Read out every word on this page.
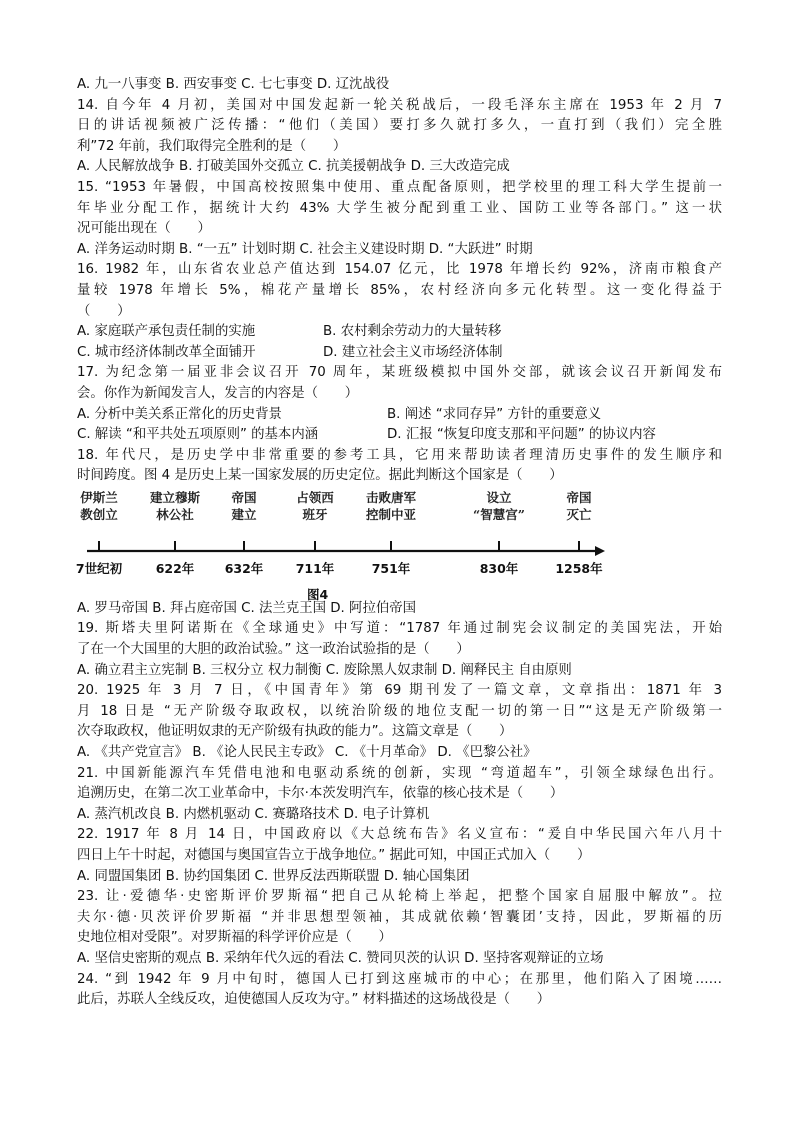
A. 九一八事变 B. 西安事变 C. 七七事变 D. 辽沈战役
14. 自今年 4 月初，美国对中国发起新一轮关税战后，一段毛泽东主席在 1953 年 2 月 7
日的讲话视频被广泛传播：“他们（美国）要打多久就打多久，一直打到（我们）完全胜
利”72 年前，我们取得完全胜利的是（　　）
A. 人民解放战争 B. 打破美国外交孤立 C. 抗美援朝战争 D. 三大改造完成
15. “1953 年暑假，中国高校按照集中使用、重点配备原则，把学校里的理工科大学生提前一
年毕业分配工作，据统计大约 43% 大学生被分配到重工业、国防工业等各部门。” 这一状
况可能出现在（　　）
A. 洋务运动时期 B. “一五” 计划时期 C. 社会主义建设时期 D. “大跃进” 时期
16. 1982 年，山东省农业总产值达到 154.07 亿元，比 1978 年增长约 92%，济南市粮食产
量较 1978 年增长 5%，棉花产量增长 85%，农村经济向多元化转型。这一变化得益于
（　　）
A. 家庭联产承包责任制的实施	B. 农村剩余劳动力的大量转移
C. 城市经济体制改革全面铺开	D. 建立社会主义市场经济体制
17. 为纪念第一届亚非会议召开 70 周年，某班级模拟中国外交部，就该会议召开新闻发布
会。你作为新闻发言人，发言的内容是（　　）
A. 分析中美关系正常化的历史背景	B. 阐述 “求同存异” 方针的重要意义
C. 解读 “和平共处五项原则” 的基本内涵	D. 汇报 “恢复印度支那和平问题” 的协议内容
18. 年代尺，是历史学中非常重要的参考工具，它用来帮助读者理清历史事件的发生顺序和
时间跨度。图 4 是历史上某一国家发展的历史定位。据此判断这个国家是（　　）
伊斯兰
教创立
7世纪初
建立穆斯
林公社
622年
帝国
建立
632年
占领西
班牙
711年
击败唐军
控制中亚
751年
设立
“智慧宫”
830年
帝国
灭亡
1258年
图4
A. 罗马帝国 B. 拜占庭帝国 C. 法兰克王国 D. 阿拉伯帝国
19. 斯塔夫里阿诺斯在《全球通史》中写道：“1787 年通过制宪会议制定的美国宪法，开始
了在一个大国里的大胆的政治试验。” 这一政治试验指的是（　　）
A. 确立君主立宪制 B. 三权分立 权力制衡 C. 废除黑人奴隶制 D. 阐释民主 自由原则
20. 1925 年 3 月 7 日，《中国青年》第 69 期刊发了一篇文章，文章指出：1871 年 3
月 18 日是 “无产阶级夺取政权，以统治阶级的地位支配一切的第一日”“这是无产阶级第一
次夺取政权，他证明奴隶的无产阶级有执政的能力”。这篇文章是（　　）
A. 《共产党宣言》 B. 《论人民民主专政》 C. 《十月革命》 D. 《巴黎公社》
21. 中国新能源汽车凭借电池和电驱动系统的创新，实现 “弯道超车”，引领全球绿色出行。
追溯历史，在第二次工业革命中，卡尔·本茨发明汽车，依靠的核心技术是（　　）
A. 蒸汽机改良 B. 内燃机驱动 C. 赛璐珞技术 D. 电子计算机
22. 1917 年 8 月 14 日，中国政府以《大总统布告》名义宣布：“爰自中华民国六年八月十
四日上午十时起，对德国与奥国宣告立于战争地位。” 据此可知，中国正式加入（　　）
A. 同盟国集团 B. 协约国集团 C. 世界反法西斯联盟 D. 轴心国集团
23. 让·爱德华·史密斯评价罗斯福“把自己从轮椅上举起，把整个国家自屈服中解放”。拉
夫尔·德·贝茨评价罗斯福 “并非思想型领袖，其成就依赖‘智囊团’支持，因此，罗斯福的历
史地位相对受限”。对罗斯福的科学评价应是（　　）
A. 坚信史密斯的观点 B. 采纳年代久远的看法 C. 赞同贝茨的认识 D. 坚持客观辩证的立场
24. “到 1942 年 9 月中旬时，德国人已打到这座城市的中心；在那里，他们陷入了困境……
此后，苏联人全线反攻，迫使德国人反攻为守。” 材料描述的这场战役是（　　）
